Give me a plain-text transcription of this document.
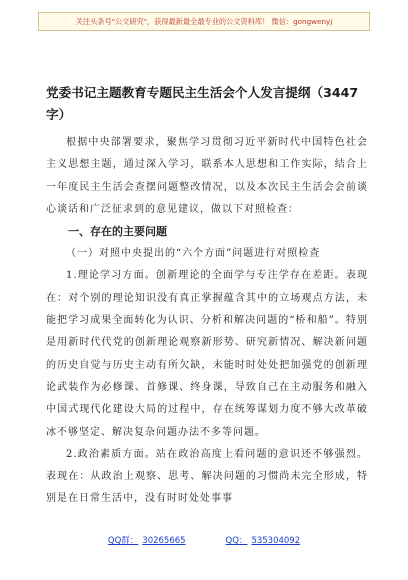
关注头条号"公文研究"，获得最新最全最专业的公文资料库！ 微信：gongwenyj

党委书记主题教育专题民主生活会个人发言提纲（3447字）

根据中央部署要求，聚焦学习贯彻习近平新时代中国特色社会主义思想主题，通过深入学习，联系本人思想和工作实际，结合上一年度民主生活会查摆问题整改情况，以及本次民主生活会会前谈心谈话和广泛征求到的意见建议，做以下对照检查：

一、存在的主要问题

（一）对照中央提出的“六个方面”问题进行对照检查

1.理论学习方面。创新理论的全面学与专注学存在差距。表现在：对个别的理论知识没有真正掌握蕴含其中的立场观点方法，未能把学习成果全面转化为认识、分析和解决问题的“桥和船”。特别是用新时代代党的创新理论观察新形势、研究新情况、解决新问题的历史自觉与历史主动有所欠缺，未能时时处处把加强党的创新理论武装作为必修课、首修课、终身课，导致自己在主动服务和融入中国式现代化建设大局的过程中，存在统筹谋划力度不够大改革破冰不够坚定、解决复杂问题办法不多等问题。

2.政治素质方面。站在政治高度上看问题的意识还不够强烈。表现在：从政治上观察、思考、解决问题的习惯尚未完全形成，特别是在日常生活中，没有时时处处事事

QQ群： 30265665	QQ： 535304092
